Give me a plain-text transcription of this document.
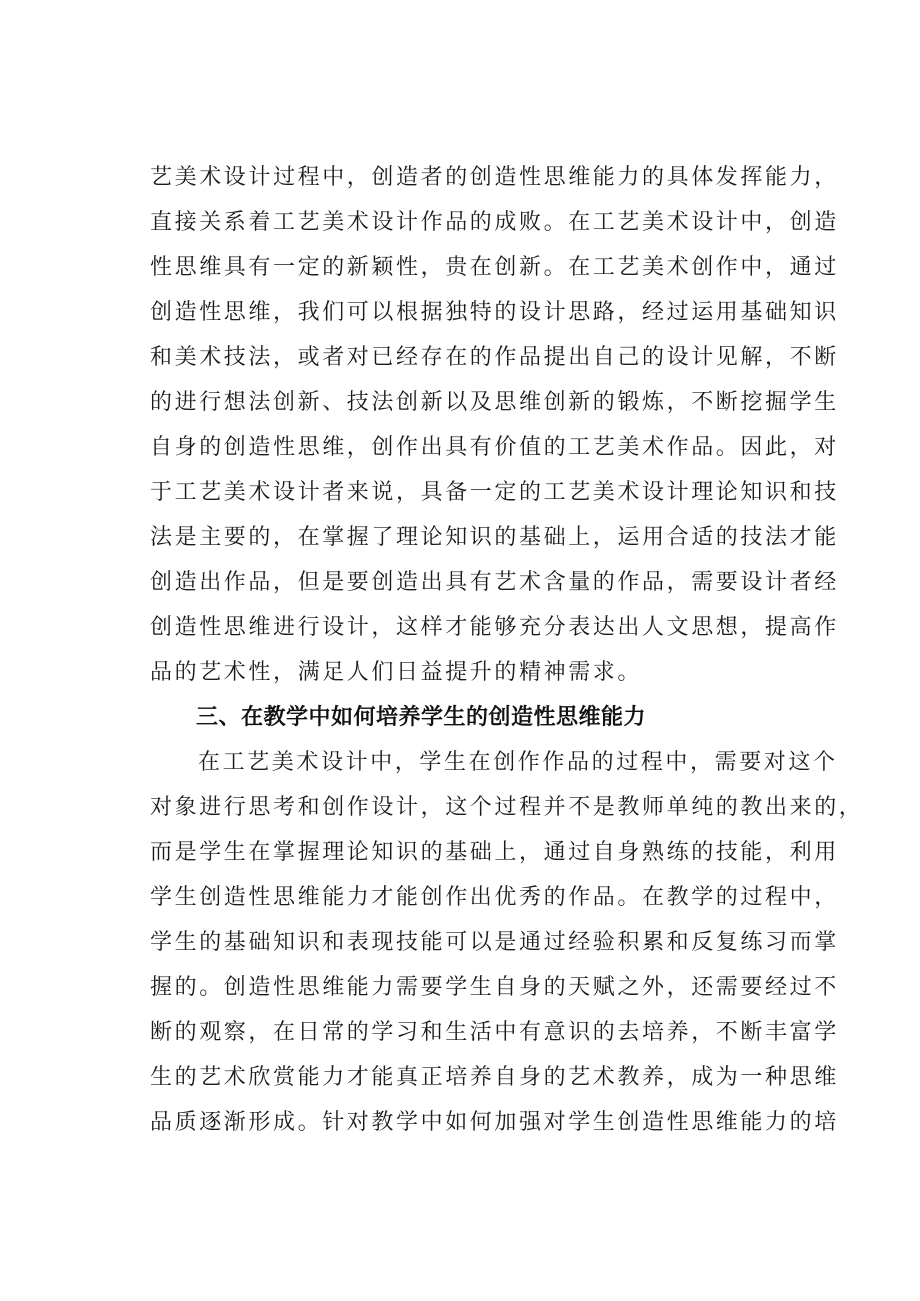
艺美术设计过程中，创造者的创造性思维能力的具体发挥能力，
直接关系着工艺美术设计作品的成败。在工艺美术设计中，创造
性思维具有一定的新颖性，贵在创新。在工艺美术创作中，通过
创造性思维，我们可以根据独特的设计思路，经过运用基础知识
和美术技法，或者对已经存在的作品提出自己的设计见解，不断
的进行想法创新、技法创新以及思维创新的锻炼，不断挖掘学生
自身的创造性思维，创作出具有价值的工艺美术作品。因此，对
于工艺美术设计者来说，具备一定的工艺美术设计理论知识和技
法是主要的，在掌握了理论知识的基础上，运用合适的技法才能
创造出作品，但是要创造出具有艺术含量的作品，需要设计者经
创造性思维进行设计，这样才能够充分表达出人文思想，提高作
品的艺术性，满足人们日益提升的精神需求。
三、在教学中如何培养学生的创造性思维能力
在工艺美术设计中，学生在创作作品的过程中，需要对这个
对象进行思考和创作设计，这个过程并不是教师单纯的教出来的，
而是学生在掌握理论知识的基础上，通过自身熟练的技能，利用
学生创造性思维能力才能创作出优秀的作品。在教学的过程中，
学生的基础知识和表现技能可以是通过经验积累和反复练习而掌
握的。创造性思维能力需要学生自身的天赋之外，还需要经过不
断的观察，在日常的学习和生活中有意识的去培养，不断丰富学
生的艺术欣赏能力才能真正培养自身的艺术教养，成为一种思维
品质逐渐形成。针对教学中如何加强对学生创造性思维能力的培
